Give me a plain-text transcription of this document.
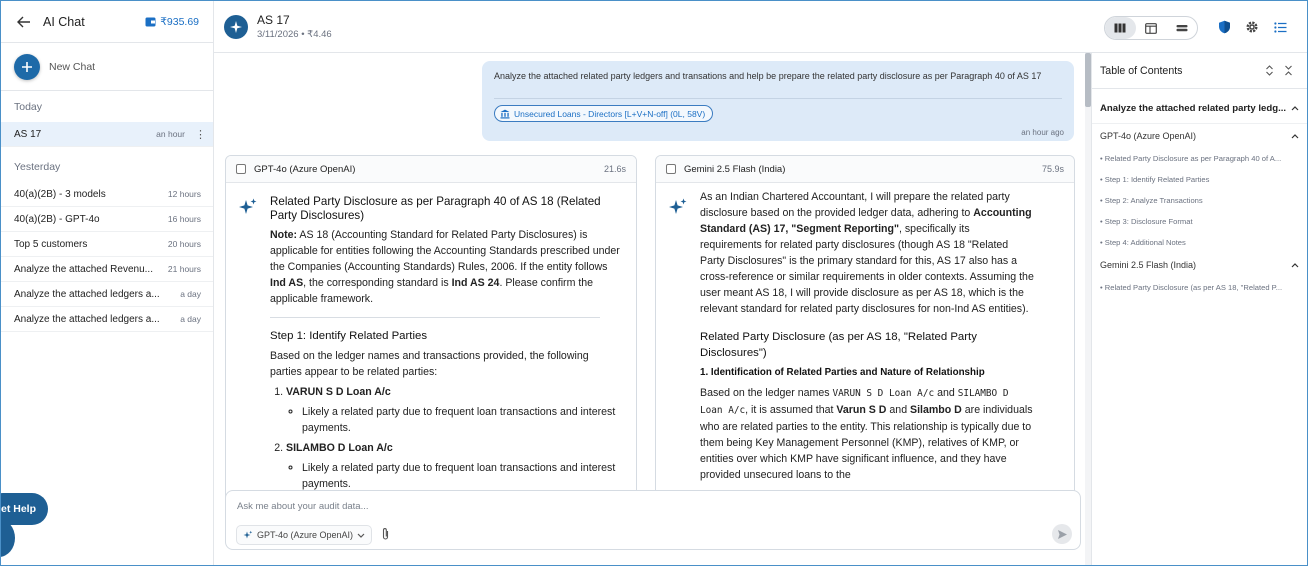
AI Chat	₹935.69
New Chat
Today
AS 17	an hour ⋮
Yesterday
40(a)(2B) - 3 models	12 hours
40(a)(2B) - GPT-4o	16 hours
Top 5 customers	20 hours
Analyze the attached Revenu...	21 hours
Analyze the attached ledgers a...	a day
Analyze the attached ledgers a...	a day
et Help
AS 17
3/11/2026 • ₹4.46
Analyze the attached related party ledgers and transations and help be prepare the related party disclosure as per Paragraph 40 of AS 17
Unsecured Loans - Directors [L+V+N-off] (0L, 58V)
an hour ago
GPT-4o (Azure OpenAI)	21.6s
Related Party Disclosure as per Paragraph 40 of AS 18 (Related Party Disclosures)

Note: AS 18 (Accounting Standard for Related Party Disclosures) is applicable for entities following the Accounting Standards prescribed under the Companies (Accounting Standards) Rules, 2006. If the entity follows Ind AS, the corresponding standard is Ind AS 24. Please confirm the applicable framework.

Step 1: Identify Related Parties

Based on the ledger names and transactions provided, the following parties appear to be related parties:

1. VARUN S D Loan A/c
◦ Likely a related party due to frequent loan transactions and interest payments.
2. SILAMBO D Loan A/c
◦ Likely a related party due to frequent loan transactions and interest payments.
Gemini 2.5 Flash (India)	75.9s

As an Indian Chartered Accountant, I will prepare the related party disclosure based on the provided ledger data, adhering to Accounting Standard (AS) 17, "Segment Reporting", specifically its requirements for related party disclosures (though AS 18 "Related Party Disclosures" is the primary standard for this, AS 17 also has a cross-reference or similar requirements in older contexts. Assuming the user meant AS 18, I will provide disclosure as per AS 18, which is the relevant standard for related party disclosures for non-Ind AS entities).

Related Party Disclosure (as per AS 18, "Related Party Disclosures")
1. Identification of Related Parties and Nature of Relationship

Based on the ledger names VARUN S D Loan A/c and SILAMBO D Loan A/c, it is assumed that Varun S D and Silambo D are individuals who are related parties to the entity. This relationship is typically due to them being Key Management Personnel (KMP), relatives of KMP, or entities over which KMP have significant influence, and they have provided unsecured loans to the

Ask me about your audit data...
GPT-4o (Azure OpenAI)
Table of Contents
Analyze the attached related party ledg...
GPT-4o (Azure OpenAI)
• Related Party Disclosure as per Paragraph 40 of A...
• Step 1: Identify Related Parties
• Step 2: Analyze Transactions
• Step 3: Disclosure Format
• Step 4: Additional Notes
Gemini 2.5 Flash (India)
• Related Party Disclosure (as per AS 18, "Related P...
